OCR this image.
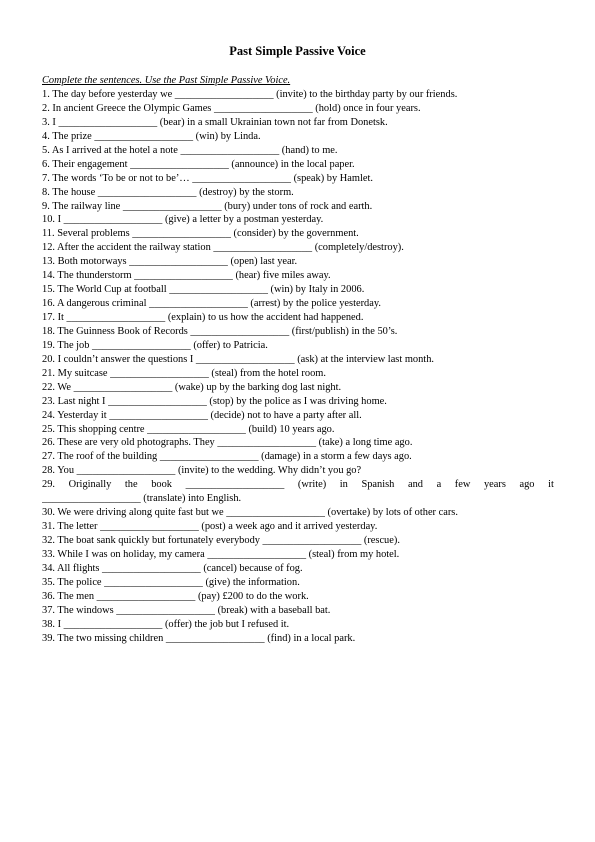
Past Simple Passive Voice
Complete the sentences. Use the Past Simple Passive Voice.
1. The day before yesterday we ___________________ (invite) to the birthday party by our friends.
2. In ancient Greece the Olympic Games ___________________ (hold) once in four years.
3. I ___________________ (bear) in a small Ukrainian town not far from Donetsk.
4. The prize ___________________ (win) by Linda.
5. As I arrived at the hotel a note ___________________ (hand) to me.
6. Their engagement ___________________ (announce) in the local paper.
7. The words ‘To be or not to be’… ___________________ (speak) by Hamlet.
8. The house ___________________ (destroy) by the storm.
9. The railway line ___________________ (bury) under tons of rock and earth.
10. I ___________________ (give) a letter by a postman yesterday.
11. Several problems ___________________ (consider) by the government.
12. After the accident the railway station ___________________ (completely/destroy).
13. Both motorways ___________________ (open) last year.
14. The thunderstorm ___________________ (hear) five miles away.
15. The World Cup at football ___________________ (win) by Italy in 2006.
16. A dangerous criminal ___________________ (arrest) by the police yesterday.
17. It ___________________ (explain) to us how the accident had happened.
18. The Guinness Book of Records ___________________ (first/publish) in the 50’s.
19. The job ___________________ (offer) to Patricia.
20. I couldn’t answer the questions I ___________________ (ask) at the interview last month.
21. My suitcase ___________________ (steal) from the hotel room.
22. We ___________________ (wake) up by the barking dog last night.
23. Last night I ___________________ (stop) by the police as I was driving home.
24. Yesterday it ___________________ (decide) not to have a party after all.
25. This shopping centre ___________________ (build) 10 years ago.
26. These are very old photographs. They ___________________ (take) a long time ago.
27. The roof of the building ___________________ (damage) in a storm a few days ago.
28. You ___________________ (invite) to the wedding. Why didn’t you go?
29. Originally the book ___________________ (write) in Spanish and a few years ago it
___________________ (translate) into English.
30. We were driving along quite fast but we ___________________ (overtake) by lots of other cars.
31. The letter ___________________ (post) a week ago and it arrived yesterday.
32. The boat sank quickly but fortunately everybody ___________________ (rescue).
33. While I was on holiday, my camera ___________________ (steal) from my hotel.
34. All flights ___________________ (cancel) because of fog.
35. The police ___________________ (give) the information.
36. The men ___________________ (pay) £200 to do the work.
37. The windows ___________________ (break) with a baseball bat.
38. I ___________________ (offer) the job but I refused it.
39. The two missing children ___________________ (find) in a local park.
